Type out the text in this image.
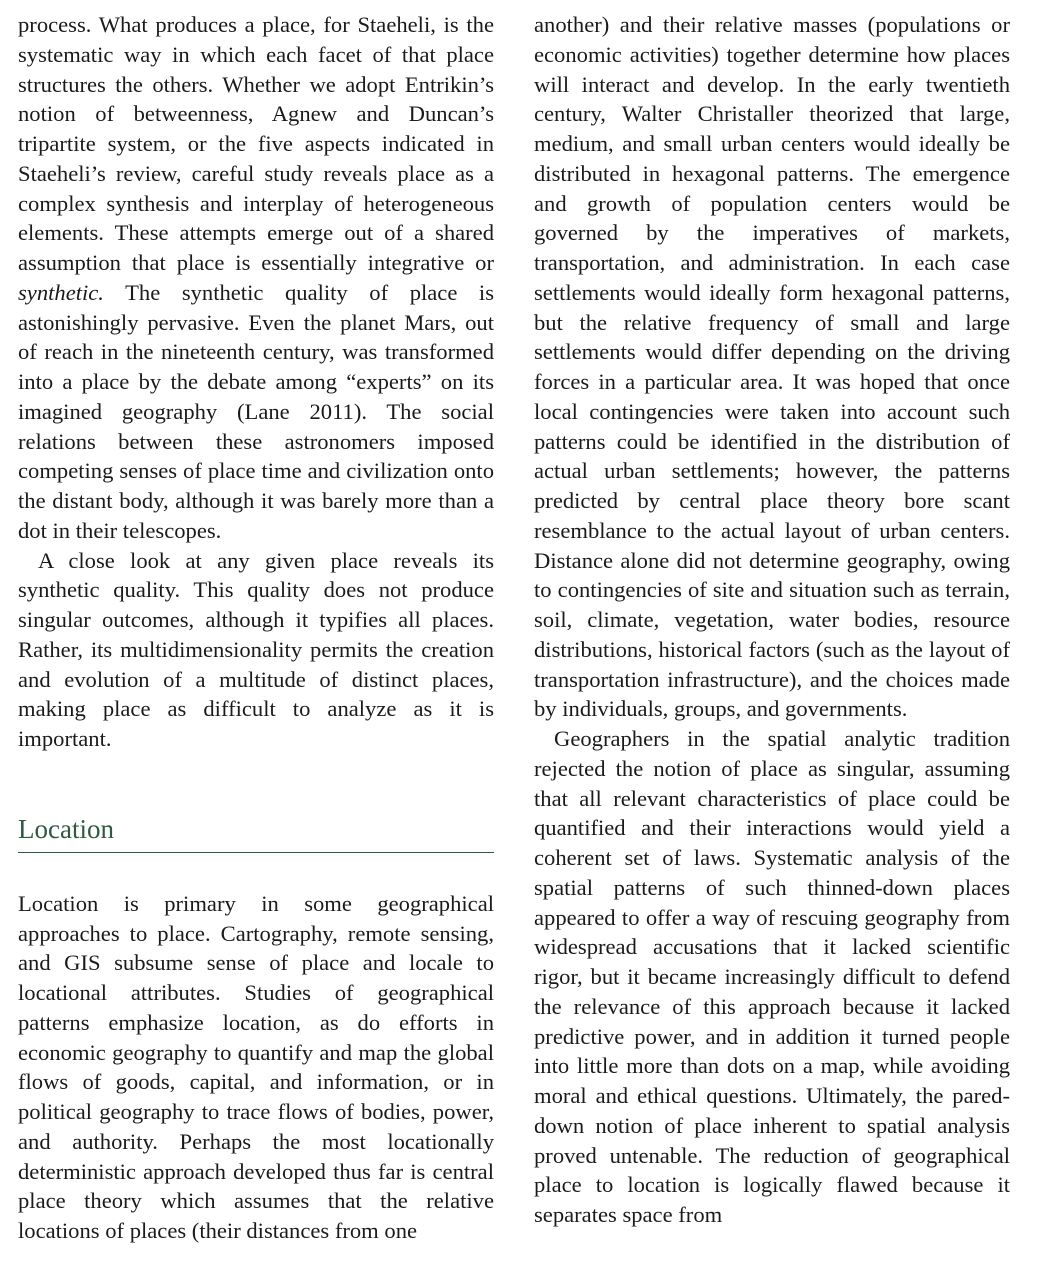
process. What produces a place, for Staeheli, is the systematic way in which each facet of that place structures the others. Whether we adopt Entrikin’s notion of betweenness, Agnew and Duncan’s tripartite system, or the five aspects indicated in Staeheli’s review, careful study reveals place as a complex synthesis and interplay of heterogeneous elements. These attempts emerge out of a shared assumption that place is essentially integrative or synthetic. The synthetic quality of place is astonishingly pervasive. Even the planet Mars, out of reach in the nineteenth century, was transformed into a place by the debate among “experts” on its imagined geography (Lane 2011). The social relations between these astronomers imposed competing senses of place time and civilization onto the distant body, although it was barely more than a dot in their telescopes.

A close look at any given place reveals its synthetic quality. This quality does not produce singular outcomes, although it typifies all places. Rather, its multidimensionality permits the creation and evolution of a multitude of distinct places, making place as difficult to analyze as it is important.

Location

Location is primary in some geographical approaches to place. Cartography, remote sensing, and GIS subsume sense of place and locale to locational attributes. Studies of geographical patterns emphasize location, as do efforts in economic geography to quantify and map the global flows of goods, capital, and information, or in political geography to trace flows of bodies, power, and authority. Perhaps the most locationally deterministic approach developed thus far is central place theory which assumes that the relative locations of places (their distances from one

another) and their relative masses (populations or economic activities) together determine how places will interact and develop. In the early twentieth century, Walter Christaller theorized that large, medium, and small urban centers would ideally be distributed in hexagonal patterns. The emergence and growth of population centers would be governed by the imperatives of markets, transportation, and administration. In each case settlements would ideally form hexagonal patterns, but the relative frequency of small and large settlements would differ depending on the driving forces in a particular area. It was hoped that once local contingencies were taken into account such patterns could be identified in the distribution of actual urban settlements; however, the patterns predicted by central place theory bore scant resemblance to the actual layout of urban centers. Distance alone did not determine geography, owing to contingencies of site and situation such as terrain, soil, climate, vegetation, water bodies, resource distributions, historical factors (such as the layout of transportation infrastructure), and the choices made by individuals, groups, and governments.

Geographers in the spatial analytic tradition rejected the notion of place as singular, assuming that all relevant characteristics of place could be quantified and their interactions would yield a coherent set of laws. Systematic analysis of the spatial patterns of such thinned-down places appeared to offer a way of rescuing geography from widespread accusations that it lacked scientific rigor, but it became increasingly difficult to defend the relevance of this approach because it lacked predictive power, and in addition it turned people into little more than dots on a map, while avoiding moral and ethical questions. Ultimately, the pared-down notion of place inherent to spatial analysis proved untenable. The reduction of geographical place to location is logically flawed because it separates space from
